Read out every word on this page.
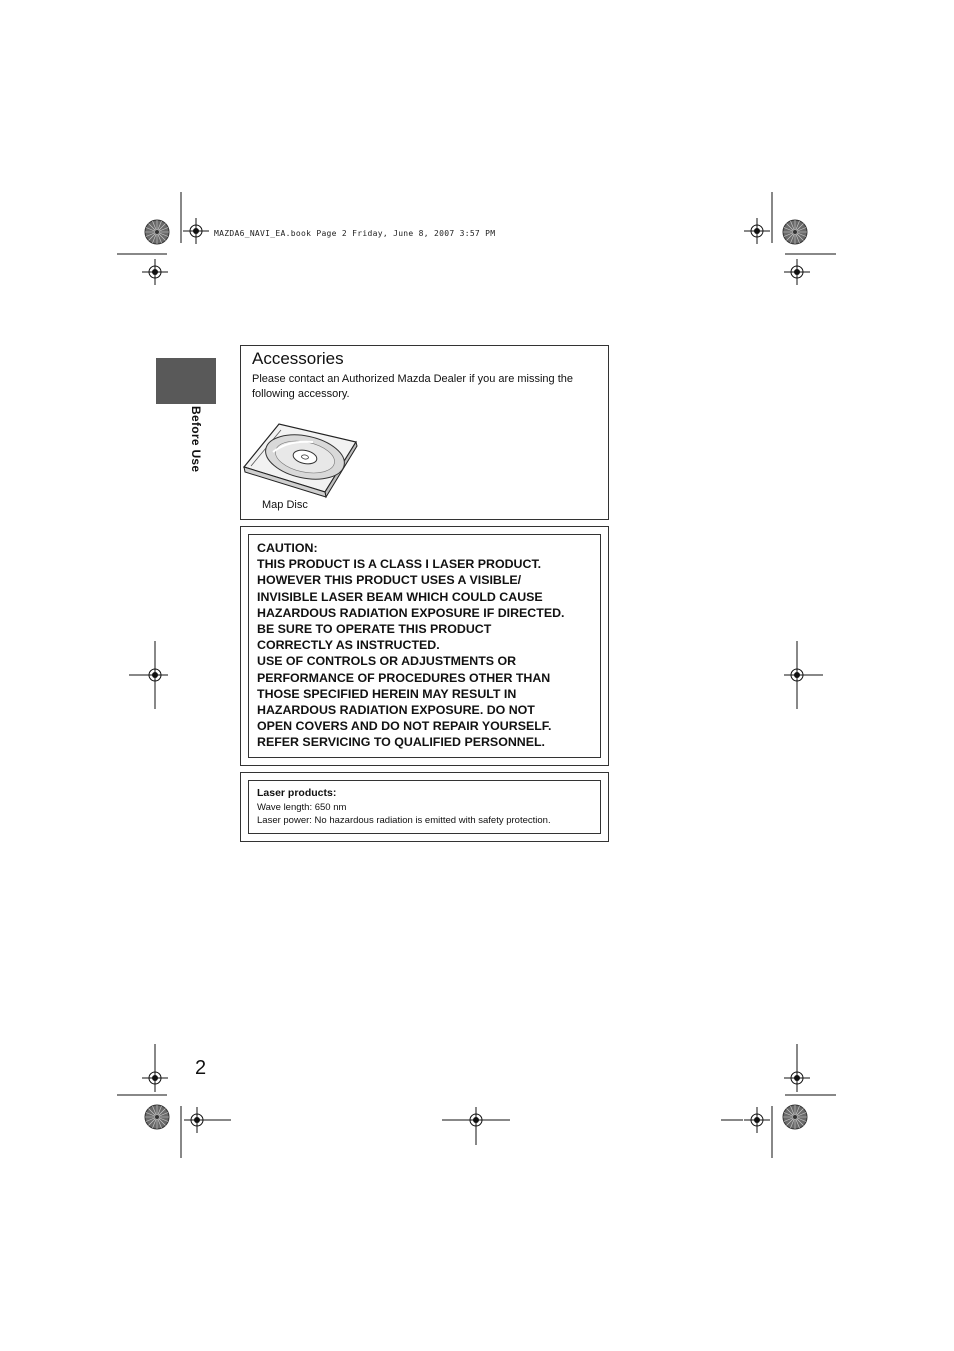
MAZDA6_NAVI_EA.book Page 2 Friday, June 8, 2007 3:57 PM
Before Use
Accessories
Please contact an Authorized Mazda Dealer if you are missing the following accessory.
Map Disc
CAUTION:
THIS PRODUCT IS A CLASS I LASER PRODUCT.
HOWEVER THIS PRODUCT USES A VISIBLE/
INVISIBLE LASER BEAM WHICH COULD CAUSE
HAZARDOUS RADIATION EXPOSURE IF DIRECTED.
BE SURE TO OPERATE THIS PRODUCT
CORRECTLY AS INSTRUCTED.
USE OF CONTROLS OR ADJUSTMENTS OR
PERFORMANCE OF PROCEDURES OTHER THAN
THOSE SPECIFIED HEREIN MAY RESULT IN
HAZARDOUS RADIATION EXPOSURE. DO NOT
OPEN COVERS AND DO NOT REPAIR YOURSELF.
REFER SERVICING TO QUALIFIED PERSONNEL.
Laser products:
Wave length: 650 nm
Laser power: No hazardous radiation is emitted with safety protection.
2
